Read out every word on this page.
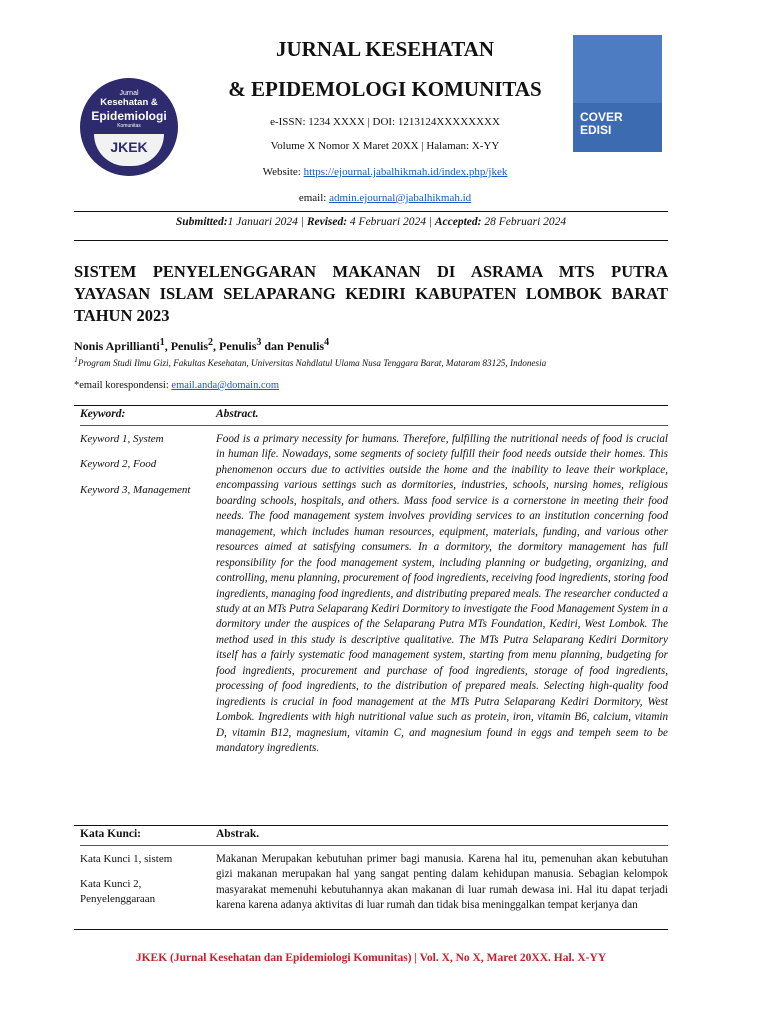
Jurnal
Kesehatan &
Epidemiologi
Komunitas
JKEK
JURNAL KESEHATAN
& EPIDEMOLOGI KOMUNITAS
e-ISSN: 1234 XXXX | DOI: 1213124XXXXXXXX
Volume X Nomor X Maret 20XX | Halaman: X-YY
Website: https://ejournal.jabalhikmah.id/index.php/jkek
email: admin.ejournal@jabalhikmah.id
COVER
EDISI
Submitted:1 Januari 2024 | Revised: 4 Februari 2024 | Accepted: 28 Februari 2024
SISTEM PENYELENGGARAN MAKANAN DI ASRAMA MTS PUTRA YAYASAN ISLAM SELAPARANG KEDIRI KABUPATEN LOMBOK BARAT TAHUN 2023
Nonis Aprillianti$^1$, Penulis$^2$, Penulis$^3$ dan Penulis$^4$
$^1$Program Studi Ilmu Gizi, Fakultas Kesehatan, Universitas Nahdlatul Ulama Nusa Tenggara Barat, Mataram 83125, Indonesia
*email korespondensi: email.anda@domain.com
Keyword:	Abstract.
Keyword 1, System
Keyword 2, Food
Keyword 3, Management
Food is a primary necessity for humans. Therefore, fulfilling the nutritional needs of food is crucial in human life. Nowadays, some segments of society fulfill their food needs outside their homes. This phenomenon occurs due to activities outside the home and the inability to leave their workplace, encompassing various settings such as dormitories, industries, schools, nursing homes, religious boarding schools, hospitals, and others. Mass food service is a cornerstone in meeting their food needs. The food management system involves providing services to an institution concerning food management, which includes human resources, equipment, materials, funding, and various other resources aimed at satisfying consumers. In a dormitory, the dormitory management has full responsibility for the food management system, including planning or budgeting, organizing, and controlling, menu planning, procurement of food ingredients, receiving food ingredients, storing food ingredients, managing food ingredients, and distributing prepared meals. The researcher conducted a study at an MTs Putra Selaparang Kediri Dormitory to investigate the Food Management System in a dormitory under the auspices of the Selaparang Putra MTs Foundation, Kediri, West Lombok. The method used in this study is descriptive qualitative. The MTs Putra Selaparang Kediri Dormitory itself has a fairly systematic food management system, starting from menu planning, budgeting for food ingredients, procurement and purchase of food ingredients, storage of food ingredients, processing of food ingredients, to the distribution of prepared meals. Selecting high-quality food ingredients is crucial in food management at the MTs Putra Selaparang Kediri Dormitory, West Lombok. Ingredients with high nutritional value such as protein, iron, vitamin B6, calcium, vitamin D, vitamin B12, magnesium, vitamin C, and magnesium found in eggs and tempeh seem to be mandatory ingredients.
Kata Kunci:	Abstrak.
Kata Kunci 1, sistem
Kata Kunci 2, Penyelenggaraan
Makanan Merupakan kebutuhan primer bagi manusia. Karena hal itu, pemenuhan akan kebutuhan gizi makanan merupakan hal yang sangat penting dalam kehidupan manusia. Sebagian kelompok masyarakat memenuhi kebutuhannya akan makanan di luar rumah dewasa ini. Hal itu dapat terjadi karena karena adanya aktivitas di luar rumah dan tidak bisa meninggalkan tempat kerjanya dan
JKEK (Jurnal Kesehatan dan Epidemiologi Komunitas) | Vol. X, No X, Maret 20XX. Hal. X-YY
